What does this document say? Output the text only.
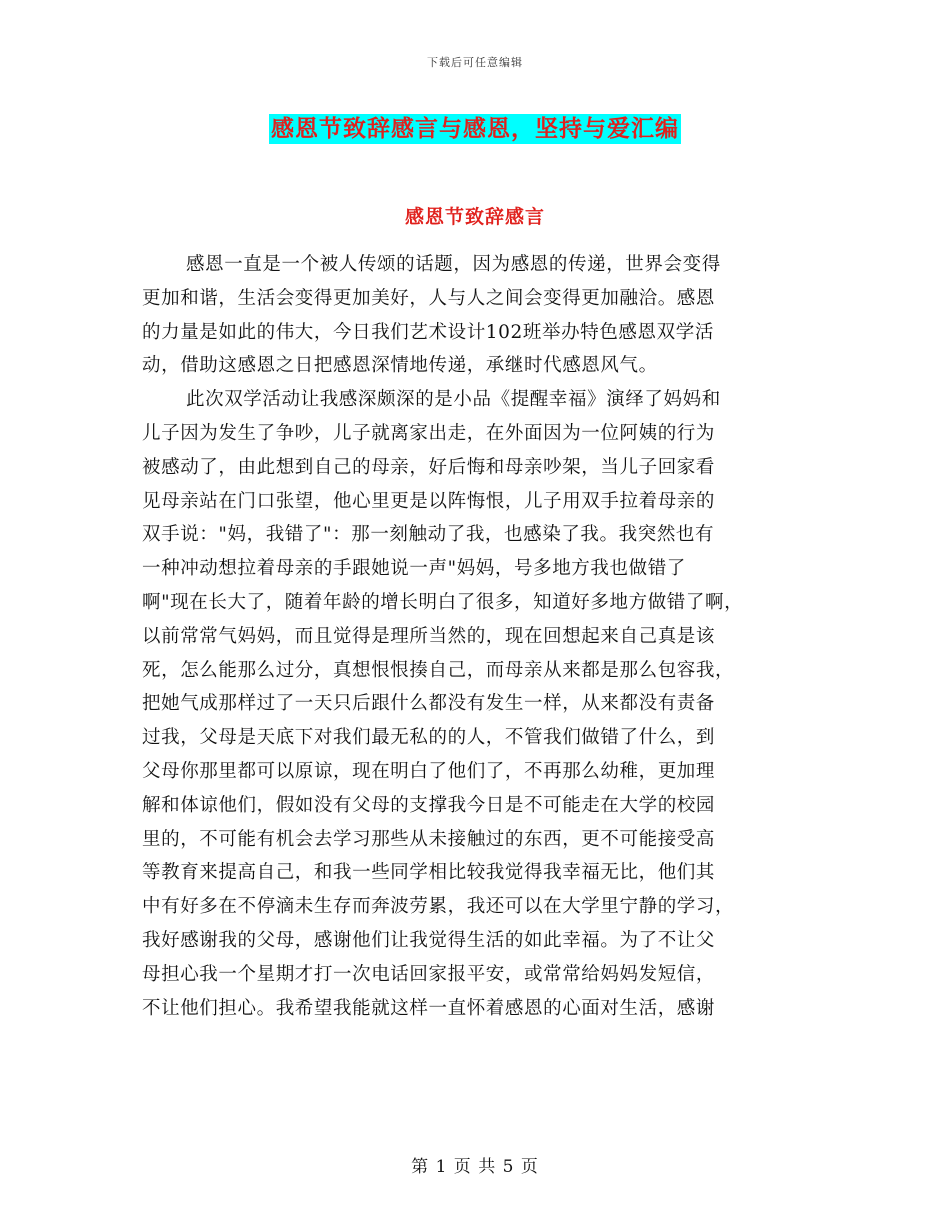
下载后可任意编辑
感恩节致辞感言与感恩，坚持与爱汇编
感恩节致辞感言
感恩一直是一个被人传颂的话题，因为感恩的传递，世界会变得
更加和谐，生活会变得更加美好，人与人之间会变得更加融洽。感恩
的力量是如此的伟大，今日我们艺术设计102班举办特色感恩双学活
动，借助这感恩之日把感恩深情地传递，承继时代感恩风气。
此次双学活动让我感深颇深的是小品《提醒幸福》演绎了妈妈和
儿子因为发生了争吵，儿子就离家出走，在外面因为一位阿姨的行为
被感动了，由此想到自己的母亲，好后悔和母亲吵架，当儿子回家看
见母亲站在门口张望，他心里更是以阵悔恨，儿子用双手拉着母亲的
双手说："妈，我错了"：那一刻触动了我，也感染了我。我突然也有
一种冲动想拉着母亲的手跟她说一声"妈妈，号多地方我也做错了
啊"现在长大了，随着年龄的增长明白了很多，知道好多地方做错了啊，
以前常常气妈妈，而且觉得是理所当然的，现在回想起来自己真是该
死，怎么能那么过分，真想恨恨揍自己，而母亲从来都是那么包容我，
把她气成那样过了一天只后跟什么都没有发生一样，从来都没有责备
过我，父母是天底下对我们最无私的的人，不管我们做错了什么，到
父母你那里都可以原谅，现在明白了他们了，不再那么幼稚，更加理
解和体谅他们，假如没有父母的支撑我今日是不可能走在大学的校园
里的，不可能有机会去学习那些从未接触过的东西，更不可能接受高
等教育来提高自己，和我一些同学相比较我觉得我幸福无比，他们其
中有好多在不停滴未生存而奔波劳累，我还可以在大学里宁静的学习，
我好感谢我的父母，感谢他们让我觉得生活的如此幸福。为了不让父
母担心我一个星期才打一次电话回家报平安，或常常给妈妈发短信，
不让他们担心。我希望我能就这样一直怀着感恩的心面对生活，感谢
第 1 页 共 5 页
